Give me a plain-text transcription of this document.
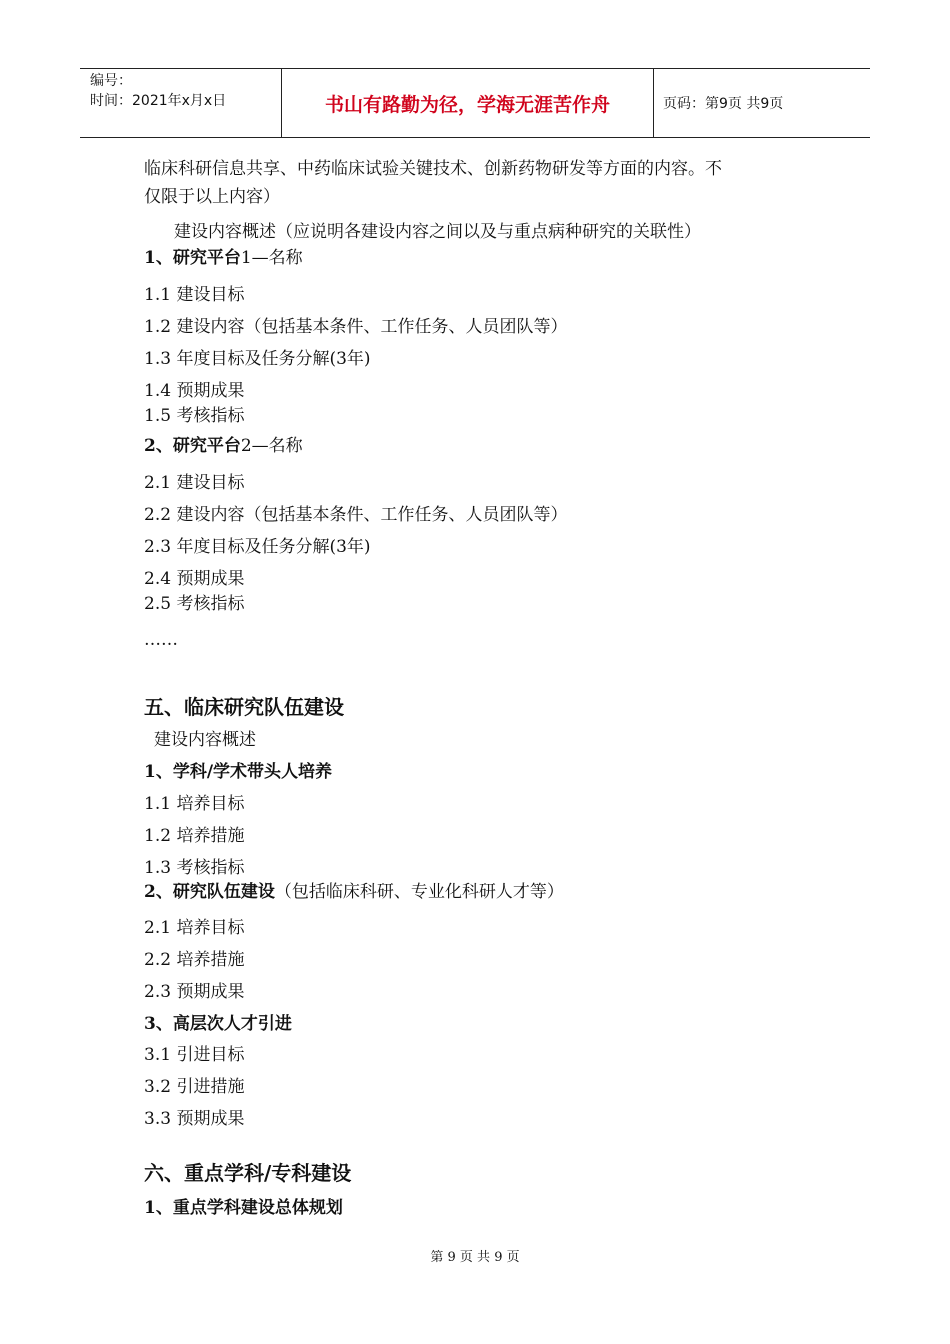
编号：
时间：2021年x月x日	书山有路勤为径，学海无涯苦作舟	页码：第9页 共9页
临床科研信息共享、中药临床试验关键技术、创新药物研发等方面的内容。不
仅限于以上内容）
建设内容概述（应说明各建设内容之间以及与重点病种研究的关联性）
1、研究平台1—名称
1.1 建设目标
1.2 建设内容（包括基本条件、工作任务、人员团队等）
1.3 年度目标及任务分解(3年)
1.4 预期成果
1.5 考核指标
2、研究平台2—名称
2.1 建设目标
2.2 建设内容（包括基本条件、工作任务、人员团队等）
2.3 年度目标及任务分解(3年)
2.4 预期成果
2.5 考核指标
……
五、临床研究队伍建设
建设内容概述
1、学科/学术带头人培养
1.1 培养目标
1.2 培养措施
1.3 考核指标
2、研究队伍建设（包括临床科研、专业化科研人才等）
2.1 培养目标
2.2 培养措施
2.3 预期成果
3、高层次人才引进
3.1 引进目标
3.2 引进措施
3.3 预期成果
六、重点学科/专科建设
1、重点学科建设总体规划
第 9 页 共 9 页
